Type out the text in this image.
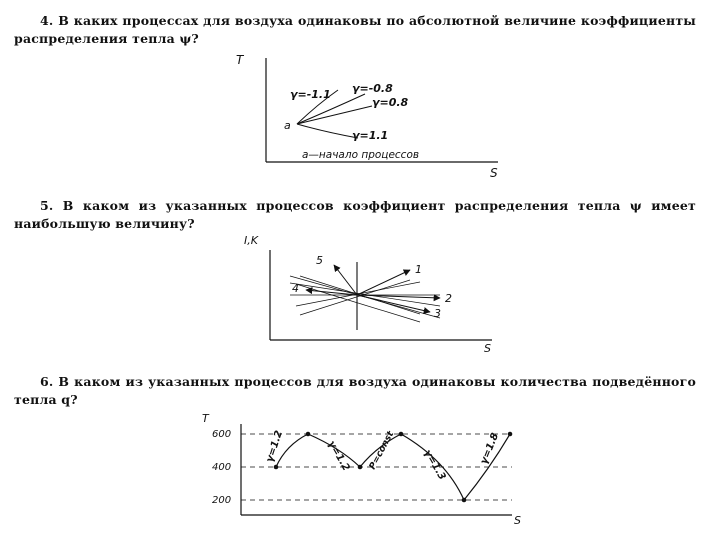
4. В каких процессах для воздуха одинаковы по абсолютной величине коэффициенты распределения тепла ψ?
5. В каком из указанных процессов коэффициент распределения тепла ψ имеет наибольшую величину?
6. В каком из указанных процессов для воздуха одинаковы количества подведённого тепла q?
T
S
a
γ=-1.1 γ=-0.8
γ=0.8
γ=1.1
а—начало процессов
I,K
S
1
2
3
4
5
T
S
600
400
200
γ=1.2	γ=1.2 P=const	γ=1.3	γ=1.8
